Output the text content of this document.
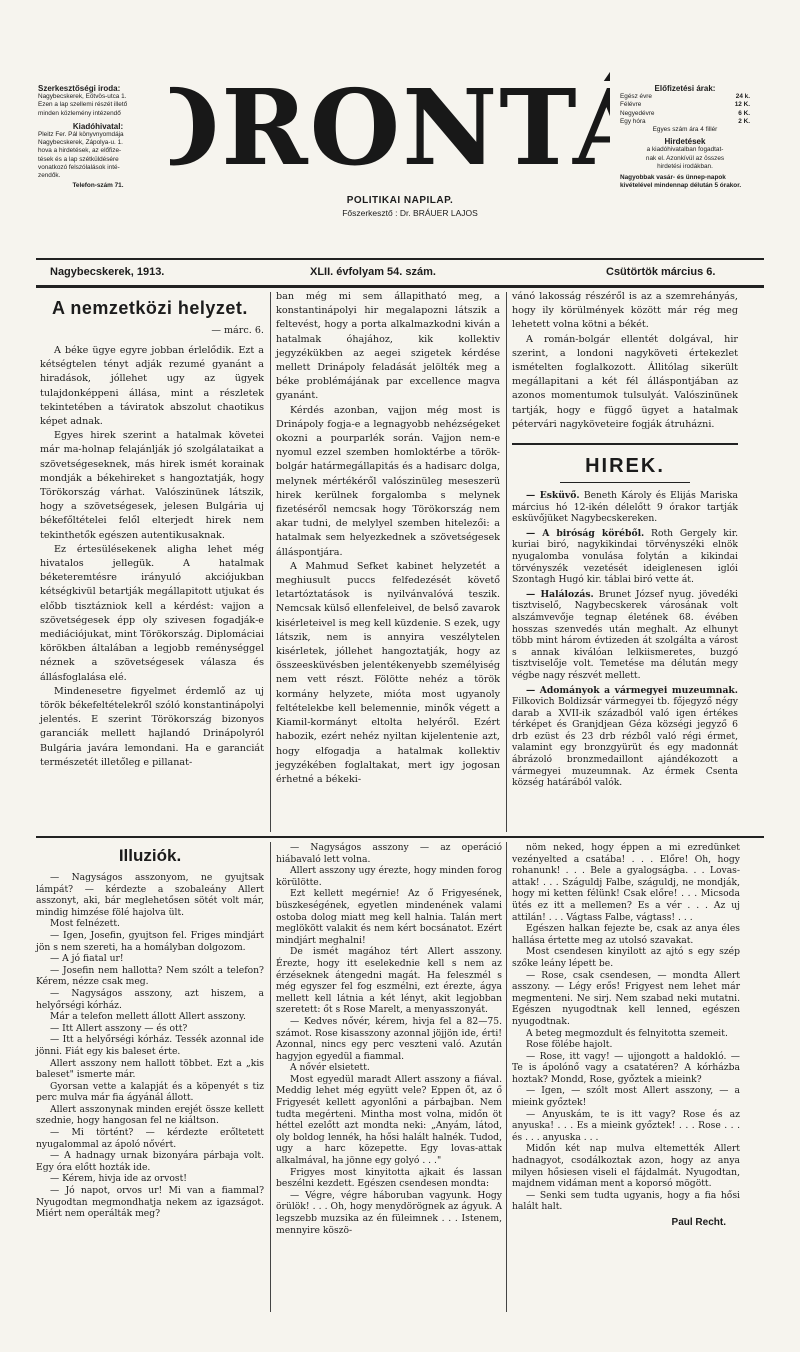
Szerkesztőségi iroda:
Nagybecskerek, Eötvös-utca 1.
Ezen a lap szellemi részét illető
minden közlemény intézendő
Kiadóhivatal:
Pleitz Fer. Pál könyvnyomdája
Nagybecskerek, Zápolya-u. 1.
hova a hirdetések, az előfize-
tések és a lap szétküldésére
vonatkozó felszólalások inté-
zendők.
Telefon-szám 71. ORONT
POLITIKAI NAPILAP.
Főszerkesztő : Dr. BRÁUER LAJOS
Előfizetési árak:
Egész évre	24 k.
Félévre	12 K.
Negyedévre	6 K.
Egy hóra	2 K.
Egyes szám ára 4 fillér
Hirdetések
a kiadóhivatalban fogadtat-
nak el. Azonkívül az összes
hirdetési irodákban.
Nagyobbak vasár- és ünnep-napok kivételével mindennap délután 5 órakor.
Nagybecskerek, 1913.	XLII. évfolyam 54. szám.	Csütörtök március 6.
A nemzetközi helyzet.
— márc. 6.

A béke ügye egyre jobban érlelődik. Ezt a kétségtelen tényt adják rezumé gyanánt a hiradások, jóllehet ugy az ügyek tulajdonképpeni állása, mint a részletek tekintetében a táviratok abszolut chaotikus képet adnak.

Egyes hirek szerint a hatalmak követei már ma-holnap felajánlják jó szolgálataikat a szövetségeseknek, más hirek ismét korainak mondják a békehireket s hangoztatják, hogy Törökország várhat. Valószinünek látszik, hogy a szövetségesek, jelesen Bulgária uj békefőltételei felől elterjedt hirek nem tekinthetők egészen autentikusaknak.

Ez értesülésekenek aligha lehet még hivatalos jellegük. A hatalmak béketeremtésre irányuló akciójukban kétségkivül betartják megállapitott utjukat és előbb tisztázniok kell a kérdést: vajjon a szövetségesek épp oly szivesen fogadják-e mediációjukat, mint Törökország. Diplomáciai körökben általában a legjobb reménységgel néznek a szövetségesek válasza és állásfoglalása elé.

Mindenesetre figyelmet érdemlő az uj török békefeltételekről szóló konstantinápolyi jelentés. E szerint Törökország bizonyos garanciák mellett hajlandó Drinápolyról Bulgária javára lemondani. Ha e garanciát természetét illetőleg e pillanat-

ban még mi sem állapitható meg, a konstantinápolyi hir megalapozni látszik a feltevést, hogy a porta alkalmazkodni kiván a hatalmak óhajához, kik kollektiv jegyzékükben az aegei szigetek kérdése mellett Drinápoly feladását jelölték meg a béke problémájának par excellence magva gyanánt.

Kérdés azonban, vajjon még most is Drinápoly fogja-e a legnagyobb nehézségeket okozni a pourparlék során. Vajjon nem-e nyomul ezzel szemben homloktérbe a török-bolgár határmegállapitás és a hadisarc dolga, melynek mértékéről valószinüleg meseszerü hirek kerülnek forgalomba s melynek fizetéséről nemcsak hogy Törökország nem akar tudni, de melylyel szemben hitelezői: a hatalmak sem helyezkednek a szövetségesek álláspontjára.

A Mahmud Sefket kabinet helyzetét a meghiusult puccs felfedezését követő letartóztatások is nyilvánvalóvá teszik. Nemcsak külső ellenfeleivel, de belső zavarok kisérleteivel is meg kell küzdenie. S ezek, ugy látszik, nem is annyira veszélytelen kisérletek, jóllehet hangoztatják, hogy az összeesküvésben jelentékenyebb személyiség nem vett részt. Fölötte nehéz a török kormány helyzete, mióta most ugyanoly feltételekbe kell belemennie, minők végett a Kiamil-kormányt eltolta helyéről. Ezért habozik, ezért nehéz nyiltan kijelentenie azt, hogy elfogadja a hatalmak kollektiv jegyzékében foglaltakat, mert igy jogosan érhetné a békeki-

vánó lakosság részéről is az a szemrehányás, hogy ily körülmények között már rég meg lehetett volna kötni a békét.

A román-bolgár ellentét dolgával, hir szerint, a londoni nagyköveti értekezlet ismételten foglalkozott. Állitólag sikerült megállapitani a két fél álláspontjában az azonos momentumok tulsulyát. Valószinünek tartják, hogy e függő ügyet a hatalmak pétervári nagyköveteire fogják átruházni.

HIREK.

— Esküvő. Beneth Károly és Elijás Mariska március hó 12-ikén délelőtt 9 órakor tartják esküvőjüket Nagybecskereken.

— A biróság köréből. Roth Gergely kir. kuriai biró, nagykikindai törvényszéki elnök nyugalomba vonulása folytán a kikindai törvényszék vezetését ideiglenesen iglói Szontagh Hugó kir. táblai biró vette át.

— Halálozás. Brunet József nyug. jövedéki tisztviselő, Nagybecskerek városának volt alszámvevője tegnap életének 68. évében hosszas szenvedés után meghalt. Az elhunyt több mint három évtizeden át szolgálta a várost s annak kiválóan lelkiismeretes, buzgó tisztviselője volt. Temetése ma délután megy végbe nagy részvét mellett.

— Adományok a vármegyei muzeumnak. Filkovich Boldizsár vármegyei tb. főjegyző négy darab a XVII-ik századból való igen értékes térképet és Granjdjean Géza községi jegyző 6 drb ezüst és 23 drb rézből való régi érmet, valamint egy bronzgyürüt és egy madonnát ábrázoló bronzmedaillont ajándékozott a vármegyei muzeumnak. Az érmek Csenta község határából valók.

Illuziók.

— Nagyságos asszonyom, ne gyujtsak lámpát? — kérdezte a szobaleány Allert asszonyt, aki, bár meglehetősen sötét volt már, mindig himzése fölé hajolva ült.

Most felnézett.

— Igen, Josefin, gyujtson fel. Friges mindjárt jön s nem szereti, ha a homályban dolgozom.

— A jó fiatal ur!

— Josefin nem hallotta? Nem szólt a telefon? Kérem, nézze csak meg.

— Nagyságos asszony, azt hiszem, a helyőrségi kórház.

Már a telefon mellett állott Allert asszony.

— Itt Allert asszony — és ott?

— Itt a helyőrségi kórház. Tessék azonnal ide jönni. Fiát egy kis baleset érte.

Allert asszony nem hallott többet. Ezt a „kis baleset" ismerte már.

Gyorsan vette a kalapját és a köpenyét s tiz perc mulva már fia ágyánál állott.

Allert asszonynak minden erejét össze kellett szednie, hogy hangosan fel ne kiáltson.

— Mi történt? — kérdezte erőltetett nyugalommal az ápoló nővért.

— A hadnagy urnak bizonyára párbaja volt. Egy óra előtt hozták ide.

— Kérem, hivja ide az orvost!

— Jó napot, orvos ur! Mi van a fiammal? Nyugodtan megmondhatja nekem az igazságot. Miért nem operálták meg?

— Nagyságos asszony — az operáció hiábavaló lett volna.

Allert asszony ugy érezte, hogy minden forog körülötte.

Ezt kellett megérnie! Az ő Frigyesének, büszkeségének, egyetlen mindenének valami ostoba dolog miatt meg kell halnia. Talán mert meglökött valakit és nem kért bocsánatot. Ezért mindjárt meghalni!

De ismét magához tért Allert asszony. Érezte, hogy itt eselekednie kell s nem az érzéseknek átengedni magát. Ha feleszmél s még egyszer fel fog eszmélni, ezt érezte, ágya mellett kell látnia a két lényt, akit legjobban szeretett: őt s Rose Marelt, a menyasszonyát.

— Kedves nővér, kérem, hivja fel a 82—75. számot. Rose kisasszony azonnal jöjjön ide, érti! Azonnal, nincs egy perc veszteni való. Azután hagyjon egyedül a fiammal.

A nővér elsietett.

Most egyedül maradt Allert asszony a fiával. Meddig lehet még együtt vele? Eppen őt, az ő Frigyesét kellett agyonlőni a párbajban. Nem tudta megérteni. Mintha most volna, midőn öt héttel ezelőtt azt mondta neki: „Anyám, látod, oly boldog lennék, ha hősi halált halnék. Tudod, ugy a harc közepette. Egy lovas-attak alkalmával, ha jönne egy golyó . . ."

Frigyes most kinyitotta ajkait és lassan beszélni kezdett. Egészen csendesen mondta:

— Végre, végre háboruban vagyunk. Hogy örülök! . . . Oh, hogy menydörögnek az ágyuk. A legszebb muzsika az én füleimnek . . . Istenem, mennyire köszö-

nöm neked, hogy éppen a mi ezredünket vezényelted a csatába! . . . Előre! Oh, hogy rohanunk! . . . Bele a gyalogságba. . . Lovas-attak! . . . Száguldj Falbe, száguldj, ne mondják, hogy mi ketten félünk! Csak előre! . . . Micsoda ütés ez itt a mellemen? Es a vér . . . Az uj attilán! . . . Vágtass Falbe, vágtass! . . .

Egészen halkan fejezte be, csak az anya éles hallása értette meg az utolsó szavakat.

Most csendesen kinyilott az ajtó s egy szép szőke leány lépett be.

— Rose, csak csendesen, — mondta Allert asszony. — Légy erős! Frigyest nem lehet már megmenteni. Ne sirj. Nem szabad neki mutatni. Egészen nyugodtnak kell lenned, egészen nyugodtnak.

A beteg megmozdult és felnyitotta szemeit.

Rose fölébe hajolt.

— Rose, itt vagy! — ujjongott a haldokló. — Te is ápolónő vagy a csatatéren? A kórházba hoztak? Mondd, Rose, győztek a mieink?

— Igen, — szólt most Allert asszony, — a mieink győztek!

— Anyuskám, te is itt vagy? Rose és az anyuska! . . . Es a mieink győztek! . . . Rose . . . és . . . anyuska . . .

Midőn két nap mulva eltemették Allert hadnagyot, csodálkoztak azon, hogy az anya milyen hősiesen viseli el fájdalmát. Nyugodtan, majdnem vidáman ment a koporsó mögött.

— Senki sem tudta ugyanis, hogy a fia hősi halált halt.

Paul Recht.
